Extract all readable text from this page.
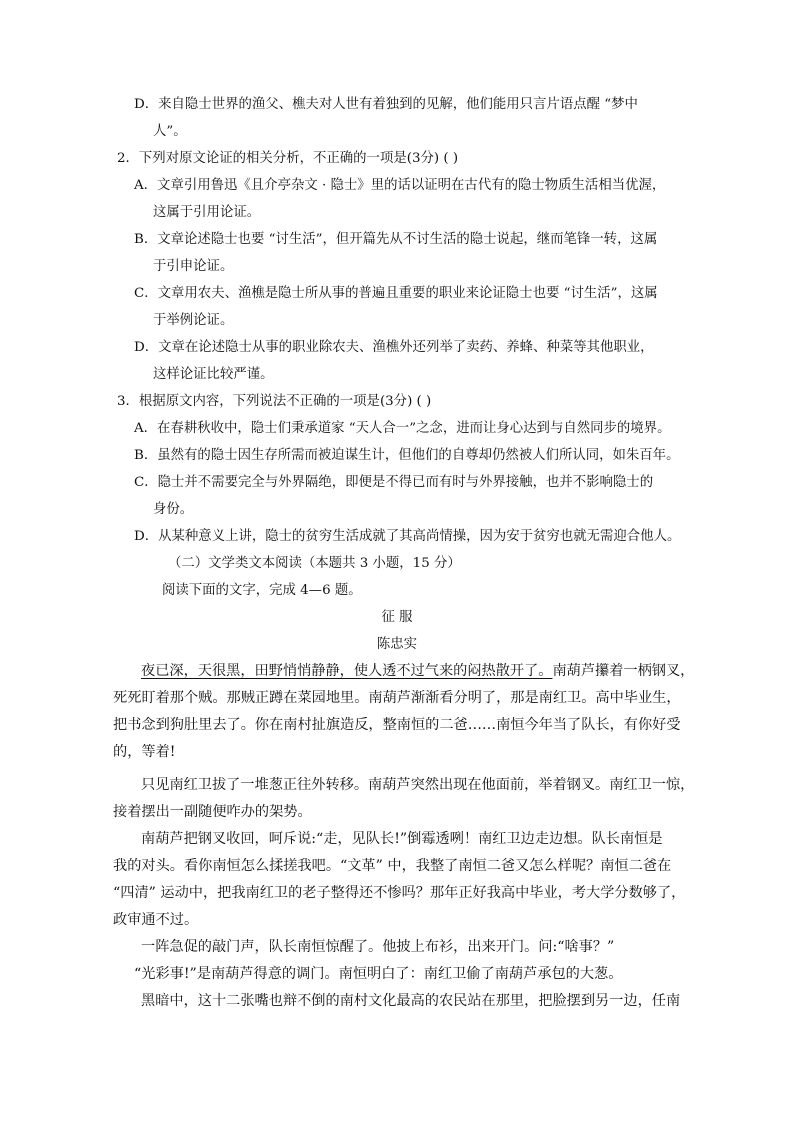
D．来自隐士世界的渔父、樵夫对人世有着独到的见解，他们能用只言片语点醒 “梦中
人”。
2．下列对原文论证的相关分析，不正确的一项是(3分) ( )
A．文章引用鲁迅《且介亭杂文 · 隐士》里的话以证明在古代有的隐士物质生活相当优渥，
这属于引用论证。
B．文章论述隐士也要 “讨生活”，但开篇先从不讨生活的隐士说起，继而笔锋一转，这属
于引申论证。
C．文章用农夫、渔樵是隐士所从事的普遍且重要的职业来论证隐士也要 “讨生活”，这属
于举例论证。
D．文章在论述隐士从事的职业除农夫、渔樵外还列举了卖药、养蜂、种菜等其他职业，
这样论证比较严谨。
3．根据原文内容，下列说法不正确的一项是(3分) ( )
A．在春耕秋收中，隐士们秉承道家 “天人合一”之念，进而让身心达到与自然同步的境界。
B．虽然有的隐士因生存所需而被迫谋生计，但他们的自尊却仍然被人们所认同，如朱百年。
C．隐士并不需要完全与外界隔绝，即便是不得已而有时与外界接触，也并不影响隐士的
身份。
D．从某种意义上讲，隐士的贫穷生活成就了其高尚情操，因为安于贫穷也就无需迎合他人。
（二）文学类文本阅读（本题共 3 小题，15 分）
阅读下面的文字，完成 4—6 题。
征 服
陈忠实
夜已深，天很黑，田野悄悄静静，使人透不过气来的闷热散开了。南葫芦攥着一柄钢叉，
死死盯着那个贼。那贼正蹲在菜园地里。南葫芦渐渐看分明了，那是南红卫。高中毕业生，
把书念到狗肚里去了。你在南村扯旗造反，整南恒的二爸……南恒今年当了队长，有你好受
的，等着!
只见南红卫拔了一堆葱正往外转移。南葫芦突然出现在他面前，举着钢叉。南红卫一惊，
接着摆出一副随便咋办的架势。
南葫芦把钢叉收回，呵斥说:“走，见队长!”倒霉透咧！南红卫边走边想。队长南恒是
我的对头。看你南恒怎么揉搓我吧。“文革” 中，我整了南恒二爸又怎么样呢？南恒二爸在
“四清” 运动中，把我南红卫的老子整得还不惨吗？那年正好我高中毕业，考大学分数够了，
政审通不过。
一阵急促的敲门声，队长南恒惊醒了。他披上布衫，出来开门。问:“啥事？”
“光彩事!”是南葫芦得意的调门。南恒明白了：南红卫偷了南葫芦承包的大葱。
黑暗中，这十二张嘴也辩不倒的南村文化最高的农民站在那里，把脸摆到另一边，任南
